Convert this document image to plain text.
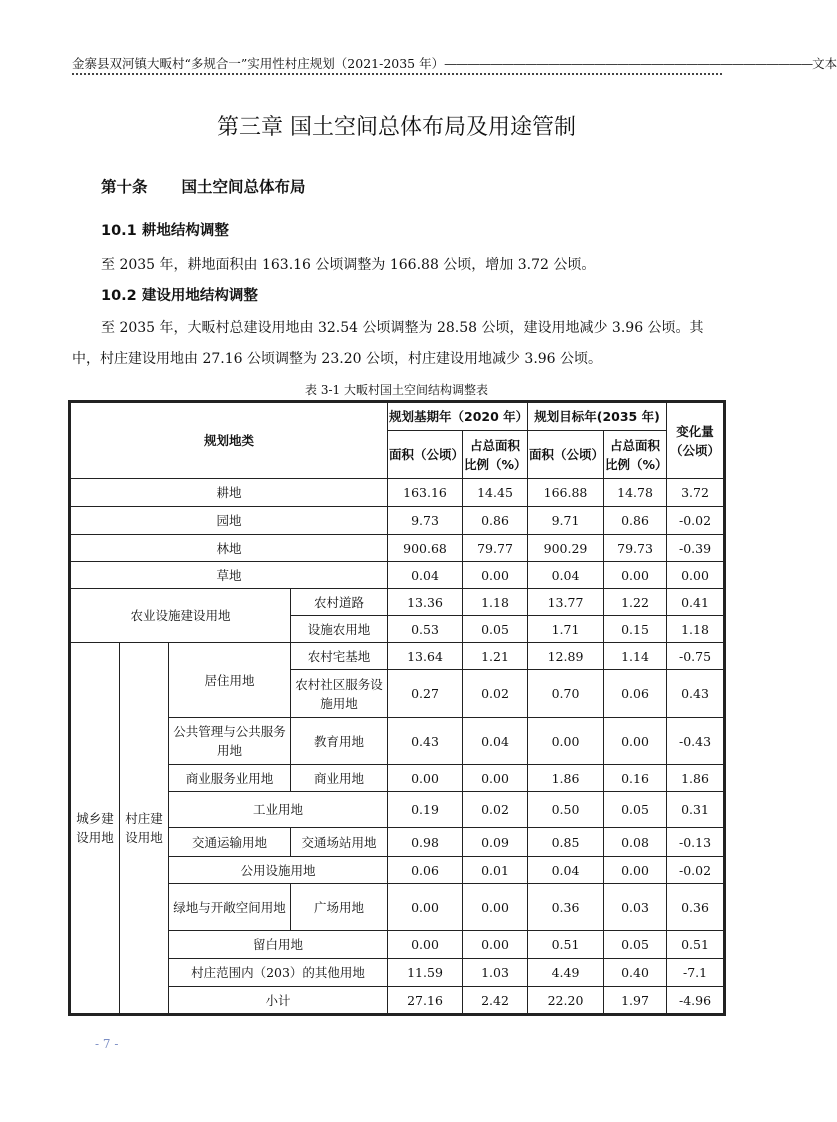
金寨县双河镇大畈村“多规合一”实用性村庄规划（2021-2035 年）————————————————————————————————文本
第三章 国土空间总体布局及用途管制
第十条 国土空间总体布局
10.1 耕地结构调整
至 2035 年，耕地面积由 163.16 公顷调整为 166.88 公顷，增加 3.72 公顷。
10.2 建设用地结构调整
至 2035 年，大畈村总建设用地由 32.54 公顷调整为 28.58 公顷，建设用地减少 3.96 公顷。其中，村庄建设用地由 27.16 公顷调整为 23.20 公顷，村庄建设用地减少 3.96 公顷。
表 3-1 大畈村国土空间结构调整表
规划地类				规划基期年（2020 年）		规划目标年(2035 年)		变化量（公顷）
				面积（公顷）	占总面积比例（%）	面积（公顷）	占总面积比例（%）	
耕地				163.16	14.45	166.88	14.78	3.72
园地				9.73	0.86	9.71	0.86	-0.02
林地				900.68	79.77	900.29	79.73	-0.39
草地				0.04	0.00	0.04	0.00	0.00
农业设施建设用地			农村道路	13.36	1.18	13.77	1.22	0.41
			设施农用地	0.53	0.05	1.71	0.15	1.18
城乡建设用地	村庄建设用地	居住用地	农村宅基地	13.64	1.21	12.89	1.14	-0.75
			农村社区服务设施用地	0.27	0.02	0.70	0.06	0.43
		公共管理与公共服务用地	教育用地	0.43	0.04	0.00	0.00	-0.43
		商业服务业用地	商业用地	0.00	0.00	1.86	0.16	1.86
		工业用地		0.19	0.02	0.50	0.05	0.31
		交通运输用地	交通场站用地	0.98	0.09	0.85	0.08	-0.13
		公用设施用地		0.06	0.01	0.04	0.00	-0.02
		绿地与开敞空间用地	广场用地	0.00	0.00	0.36	0.03	0.36
		留白用地		0.00	0.00	0.51	0.05	0.51
		村庄范围内（203）的其他用地		11.59	1.03	4.49	0.40	-7.1
		小计		27.16	2.42	22.20	1.97	-4.96
- 7 -
